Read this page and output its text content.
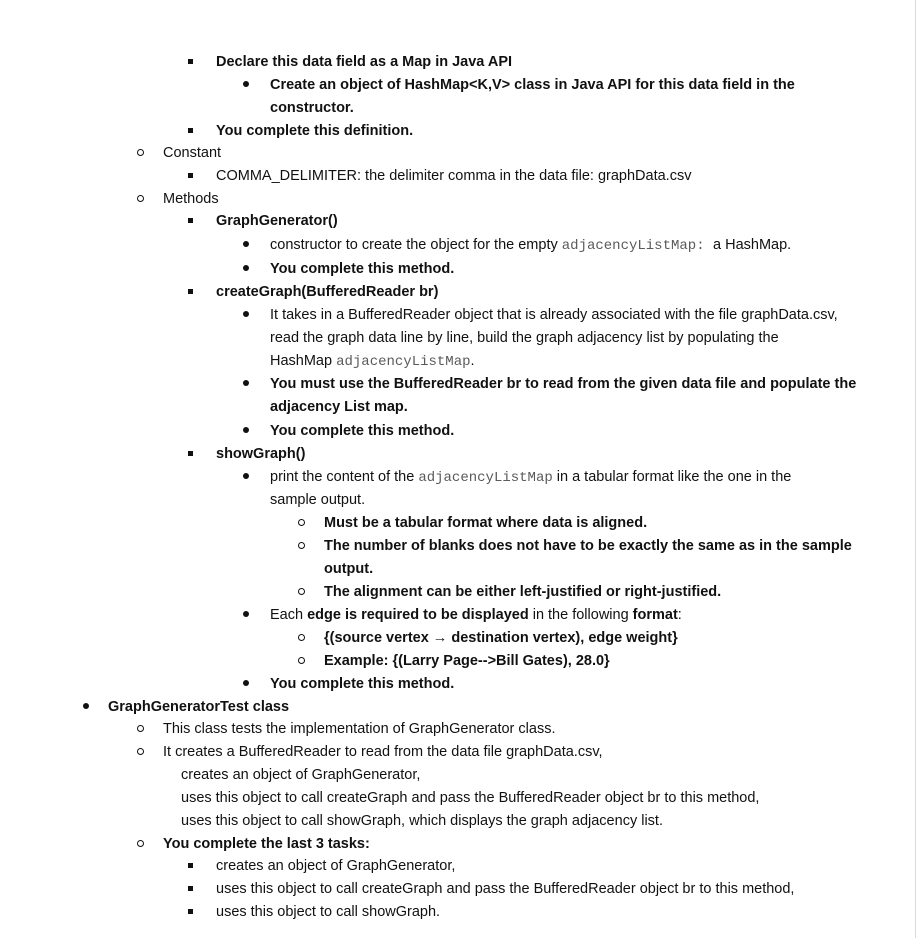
Declare this data field as a Map in Java API
Create an object of HashMap<K,V> class in Java API for this data field in the
constructor.
You complete this definition.
Constant
COMMA_DELIMITER: the delimiter comma in the data file: graphData.csv
Methods
GraphGenerator()
constructor to create the object for the empty adjacencyListMap: a HashMap.
You complete this method.
createGraph(BufferedReader br)
It takes in a BufferedReader object that is already associated with the file graphData.csv,
read the graph data line by line, build the graph adjacency list by populating the
HashMap adjacencyListMap.
You must use the BufferedReader br to read from the given data file and populate the
adjacency List map.
You complete this method.
showGraph()
print the content of the adjacencyListMap in a tabular format like the one in the
sample output.
Must be a tabular format where data is aligned.
The number of blanks does not have to be exactly the same as in the sample
output.
The alignment can be either left-justified or right-justified.
Each edge is required to be displayed in the following format:
{(source vertex → destination vertex), edge weight}
Example: {(Larry Page-->Bill Gates), 28.0}
You complete this method.
GraphGeneratorTest class
This class tests the implementation of GraphGenerator class.
It creates a BufferedReader to read from the data file graphData.csv,
creates an object of GraphGenerator,
uses this object to call createGraph and pass the BufferedReader object br to this method,
uses this object to call showGraph, which displays the graph adjacency list.
You complete the last 3 tasks:
creates an object of GraphGenerator,
uses this object to call createGraph and pass the BufferedReader object br to this method,
uses this object to call showGraph.
